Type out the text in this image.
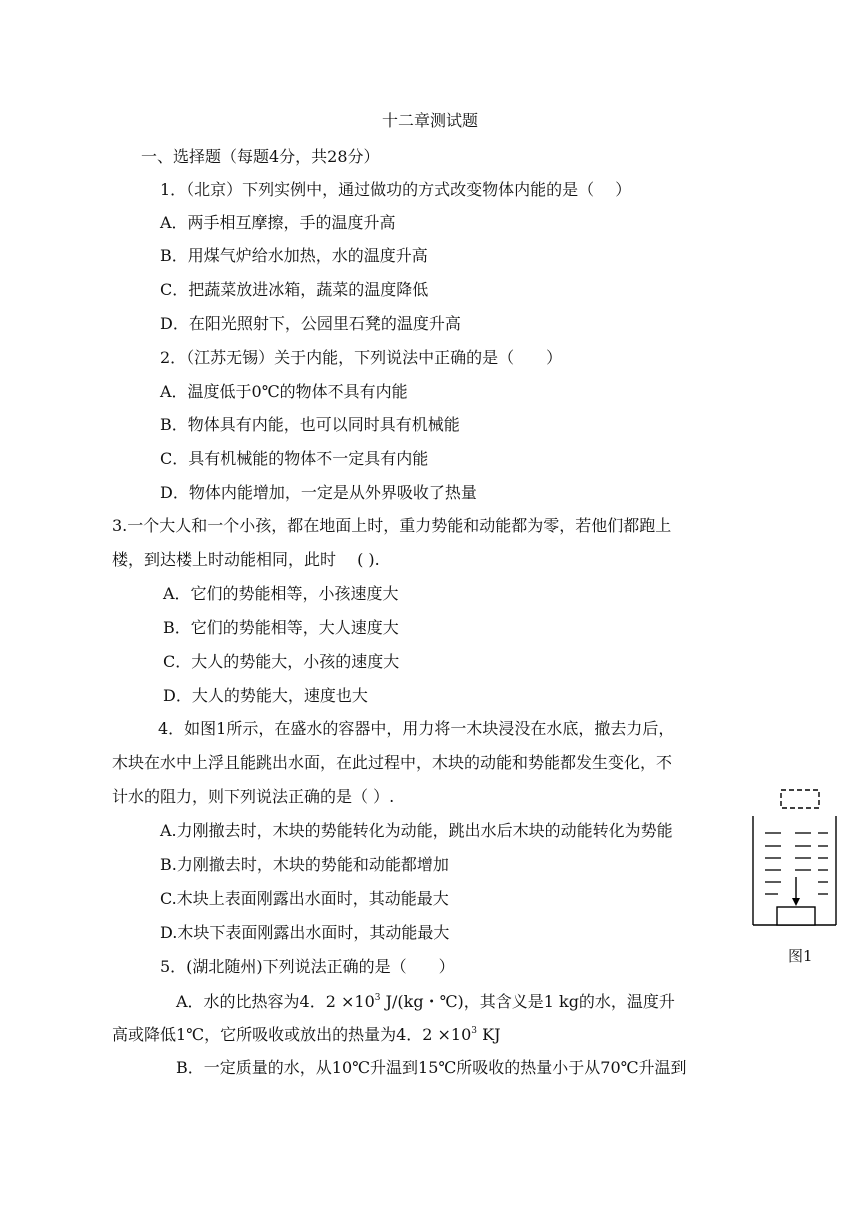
十二章测试题
一、选择题（每题4分，共28分）
1．（北京）下列实例中，通过做功的方式改变物体内能的是（　 ）
A．两手相互摩擦，手的温度升高
B．用煤气炉给水加热，水的温度升高
C．把蔬菜放进冰箱，蔬菜的温度降低
D．在阳光照射下，公园里石凳的温度升高
2．（江苏无锡）关于内能，下列说法中正确的是（　　）
A．温度低于0℃的物体不具有内能
B．物体具有内能，也可以同时具有机械能
C．具有机械能的物体不一定具有内能
D．物体内能增加，一定是从外界吸收了热量
3.一个大人和一个小孩，都在地面上时，重力势能和动能都为零，若他们都跑上
楼，到达楼上时动能相同，此时　 ( ).
A．它们的势能相等，小孩速度大
B．它们的势能相等，大人速度大
C．大人的势能大，小孩的速度大
D．大人的势能大，速度也大
4．如图1所示，在盛水的容器中，用力将一木块浸没在水底，撤去力后，
木块在水中上浮且能跳出水面，在此过程中，木块的动能和势能都发生变化，不
计水的阻力，则下列说法正确的是（ ）.
A.力刚撤去时，木块的势能转化为动能，跳出水后木块的动能转化为势能
B.力刚撤去时，木块的势能和动能都增加
C.木块上表面刚露出水面时，其动能最大
D.木块下表面刚露出水面时，其动能最大
图1
5．(湖北随州)下列说法正确的是（　　）
A．水的比热容为4．$2 \times 10^3$ J/(kg・℃)，其含义是1 kg的水，温度升
高或降低1℃，它所吸收或放出的热量为4．$2 \times 10^3$ KJ
B．一定质量的水，从10℃升温到15℃所吸收的热量小于从70℃升温到
